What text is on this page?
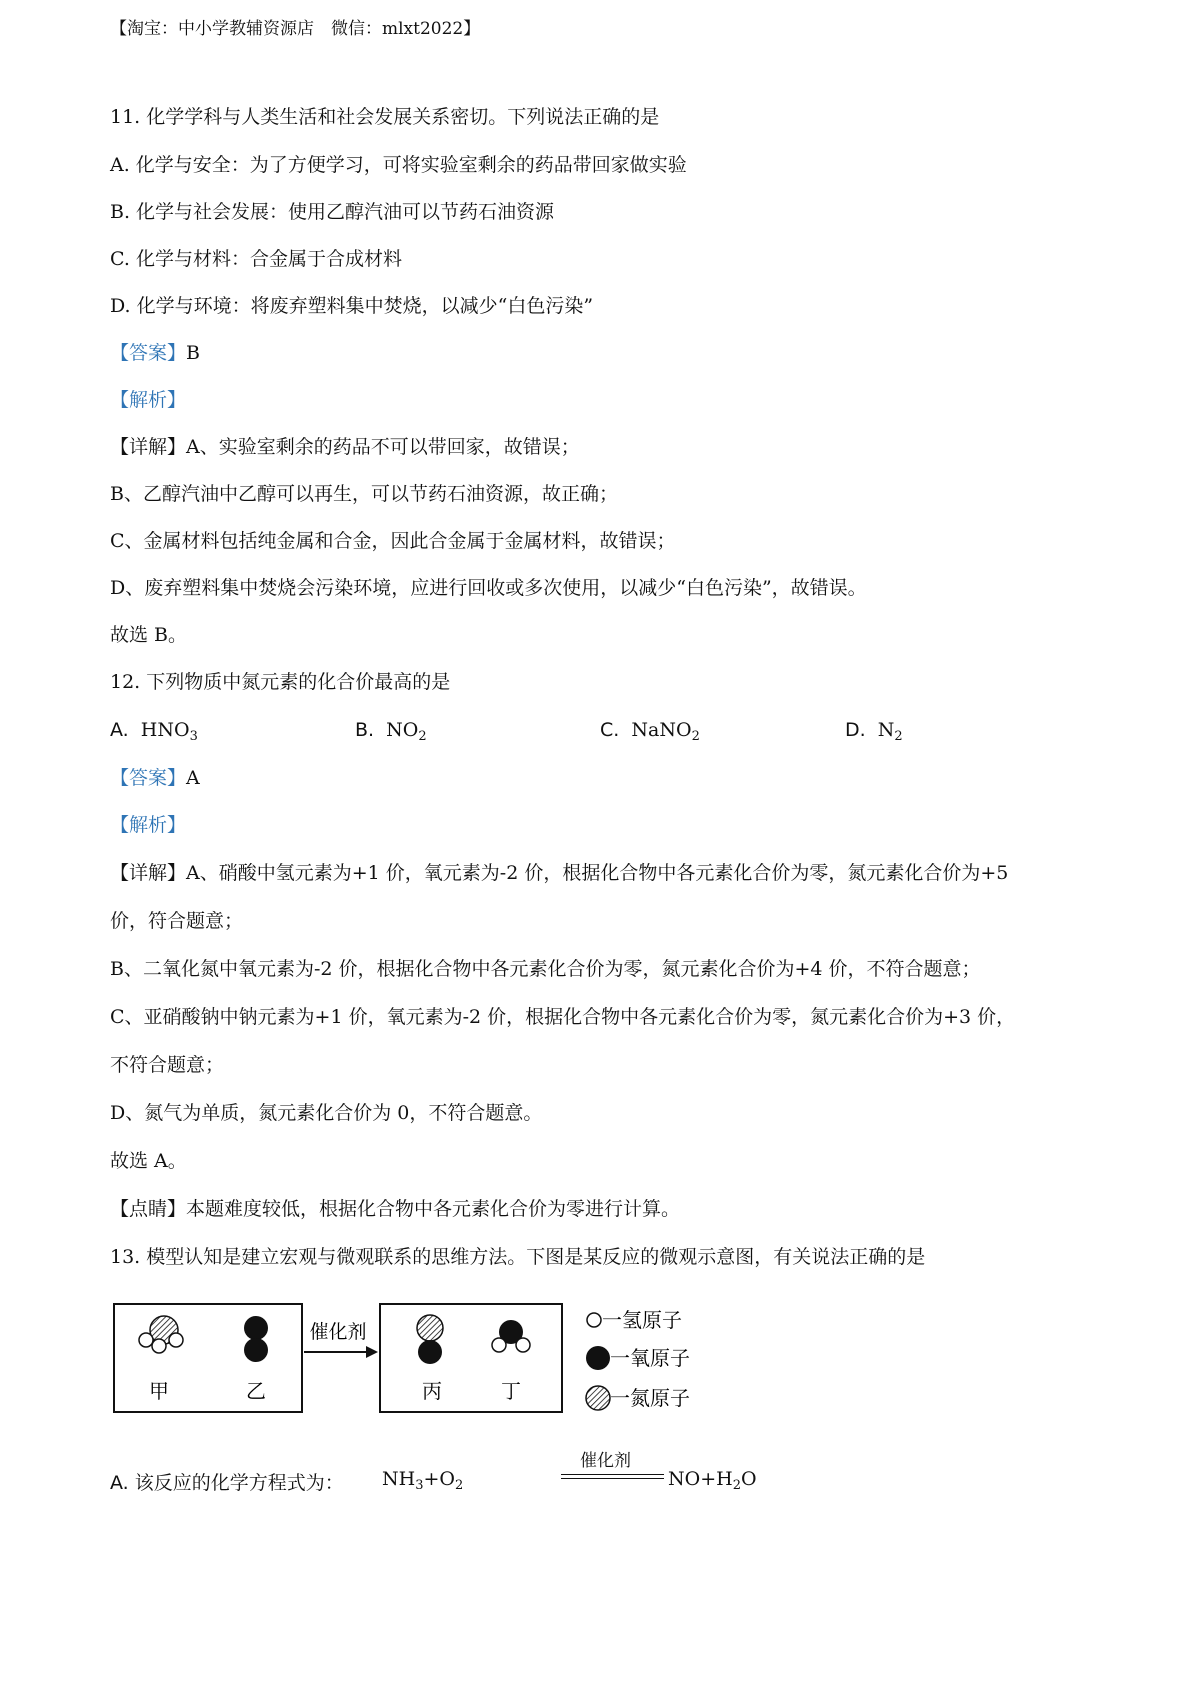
【淘宝：中小学教辅资源店　微信：mlxt2022】
11. 化学学科与人类生活和社会发展关系密切。下列说法正确的是
A. 化学与安全：为了方便学习，可将实验室剩余的药品带回家做实验
B. 化学与社会发展：使用乙醇汽油可以节药石油资源
C. 化学与材料：合金属于合成材料
D. 化学与环境：将废弃塑料集中焚烧，以减少“白色污染”
【答案】B
【解析】
【详解】A、实验室剩余的药品不可以带回家，故错误；
B、乙醇汽油中乙醇可以再生，可以节药石油资源，故正确；
C、金属材料包括纯金属和合金，因此合金属于金属材料，故错误；
D、废弃塑料集中焚烧会污染环境，应进行回收或多次使用，以减少“白色污染”，故错误。
故选 B。
12. 下列物质中氮元素的化合价最高的是
A. $HNO_3$	B. $NO_2$	C. NaNO$_2$	D. $N_2$
【答案】A
【解析】
【详解】A、硝酸中氢元素为+1 价，氧元素为-2 价，根据化合物中各元素化合价为零，氮元素化合价为+5
价，符合题意；
B、二氧化氮中氧元素为-2 价，根据化合物中各元素化合价为零，氮元素化合价为+4 价，不符合题意；
C、亚硝酸钠中钠元素为+1 价，氧元素为-2 价，根据化合物中各元素化合价为零，氮元素化合价为+3 价，
不符合题意；
D、氮气为单质，氮元素化合价为 0，不符合题意。
故选 A。
【点睛】本题难度较低，根据化合物中各元素化合价为零进行计算。
13. 模型认知是建立宏观与微观联系的思维方法。下图是某反应的微观示意图，有关说法正确的是
甲	乙
催化剂
丙	丁
一氢原子
一氧原子
一氮原子
A. 该反应的化学方程式为： $NH_3+O_2$
催化剂
$NO+H_2O$
